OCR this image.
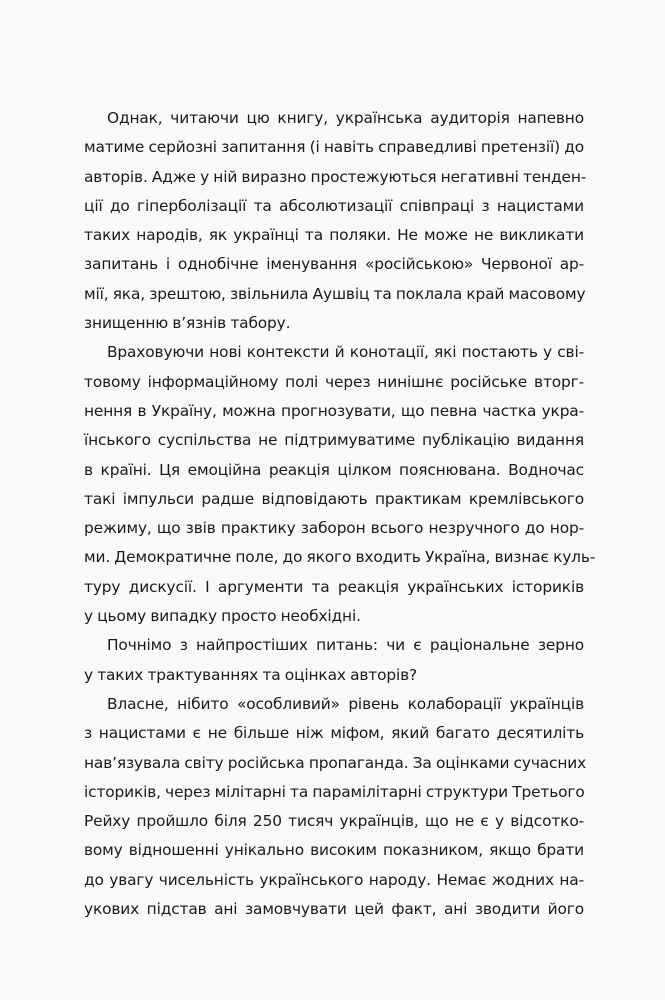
Однак, читаючи цю книгу, українська аудиторія напевно
матиме серйозні запитання (і навіть справедливі претензії) до
авторів. Адже у ній виразно простежуються негативні тенден-
ції до гіперболізації та абсолютизації співпраці з нацистами
таких народів, як українці та поляки. Не може не викликати
запитань і однобічне іменування «російською» Червоної ар-
мії, яка, зрештою, звільнила Аушвіц та поклала край масовому
знищенню в’язнів табору.
Враховуючи нові контексти й конотації, які постають у сві-
товому інформаційному полі через нинішнє російське вторг-
нення в Україну, можна прогнозувати, що певна частка укра-
їнського суспільства не підтримуватиме публікацію видання
в країні. Ця емоційна реакція цілком пояснювана. Водночас
такі імпульси радше відповідають практикам кремлівського
режиму, що звів практику заборон всього незручного до нор-
ми. Демократичне поле, до якого входить Україна, визнає куль-
туру дискусії. І аргументи та реакція українських істориків
у цьому випадку просто необхідні.
Почнімо з найпростіших питань: чи є раціональне зерно
у таких трактуваннях та оцінках авторів?
Власне, нібито «особливий» рівень колаборації українців
з нацистами є не більше ніж міфом, який багато десятиліть
нав’язувала світу російська пропаганда. За оцінками сучасних
істориків, через мілітарні та парамілітарні структури Третього
Рейху пройшло біля 250 тисяч українців, що не є у відсотко-
вому відношенні унікально високим показником, якщо брати
до увагу чисельність українського народу. Немає жодних на-
укових підстав ані замовчувати цей факт, ані зводити його
